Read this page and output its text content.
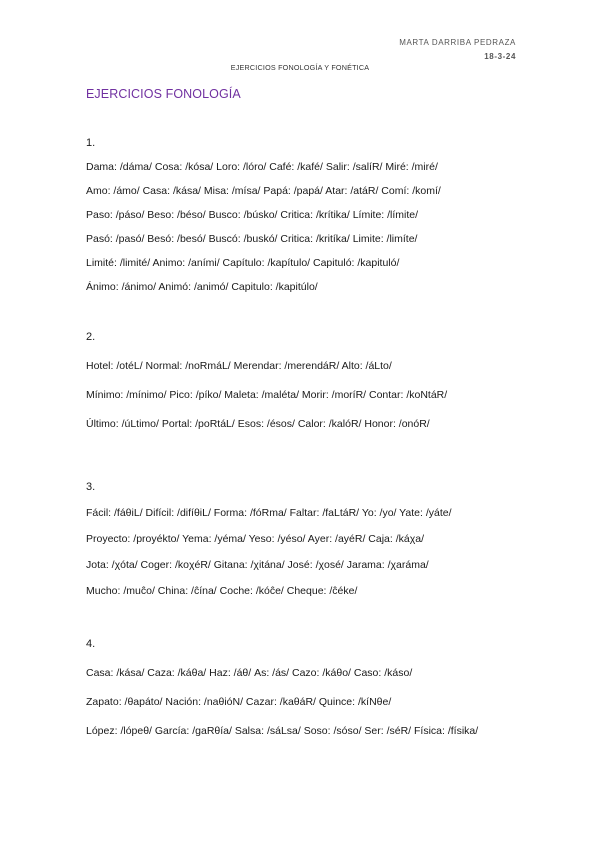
MARTA DARRIBA PEDRAZA
18-3-24
EJERCICIOS FONOLOGÍA Y FONÉTICA
EJERCICIOS FONOLOGÍA
1.
Dama: /dáma/ Cosa: /kósa/ Loro: /lóro/ Café: /kafé/ Salir: /salíR/ Miré: /miré/
Amo: /ámo/ Casa: /kása/ Misa: /mísa/ Papá: /papá/ Atar: /atáR/ Comí: /komí/
Paso: /páso/ Beso: /béso/ Busco: /búsko/ Critica: /krítika/ Límite: /límite/
Pasó: /pasó/ Besó: /besó/ Buscó: /buskó/ Critica: /kritíka/ Limite: /limíte/
Limité: /limité/ Animo: /aními/ Capítulo: /kapítulo/ Capituló: /kapituló/
Ánimo: /ánimo/ Animó: /animó/ Capitulo: /kapitúlo/
2.
Hotel: /otéL/ Normal: /noRmáL/ Merendar: /merendáR/ Alto: /áLto/
Mínimo: /mínimo/ Pico: /píko/ Maleta: /maléta/ Morir: /moríR/ Contar: /koNtáR/
Último: /úLtimo/ Portal: /poRtáL/ Esos: /ésos/ Calor: /kalóR/ Honor: /onóR/
3.
Fácil: /fáθiL/ Difícil: /difíθiL/ Forma: /fóRma/ Faltar: /faLtáR/ Yo: /yo/ Yate: /yáte/
Proyecto: /proyékto/ Yema: /yéma/ Yeso: /yéso/ Ayer: /ayéR/ Caja: /káχa/
Jota: /χóta/ Coger: /koχéR/ Gitana: /χitána/ José: /χosé/ Jarama: /χaráma/
Mucho: /muĉo/ China: /ĉína/ Coche: /kóĉe/ Cheque: /ĉéke/
4.
Casa: /kása/ Caza: /káθa/ Haz: /áθ/ As: /ás/ Cazo: /káθo/ Caso: /káso/
Zapato: /θapáto/ Nación: /naθióN/ Cazar: /kaθáR/ Quince: /kíNθe/
López: /lópeθ/ García: /gaRθía/ Salsa: /sáLsa/ Soso: /sóso/ Ser: /séR/ Física: /físika/
